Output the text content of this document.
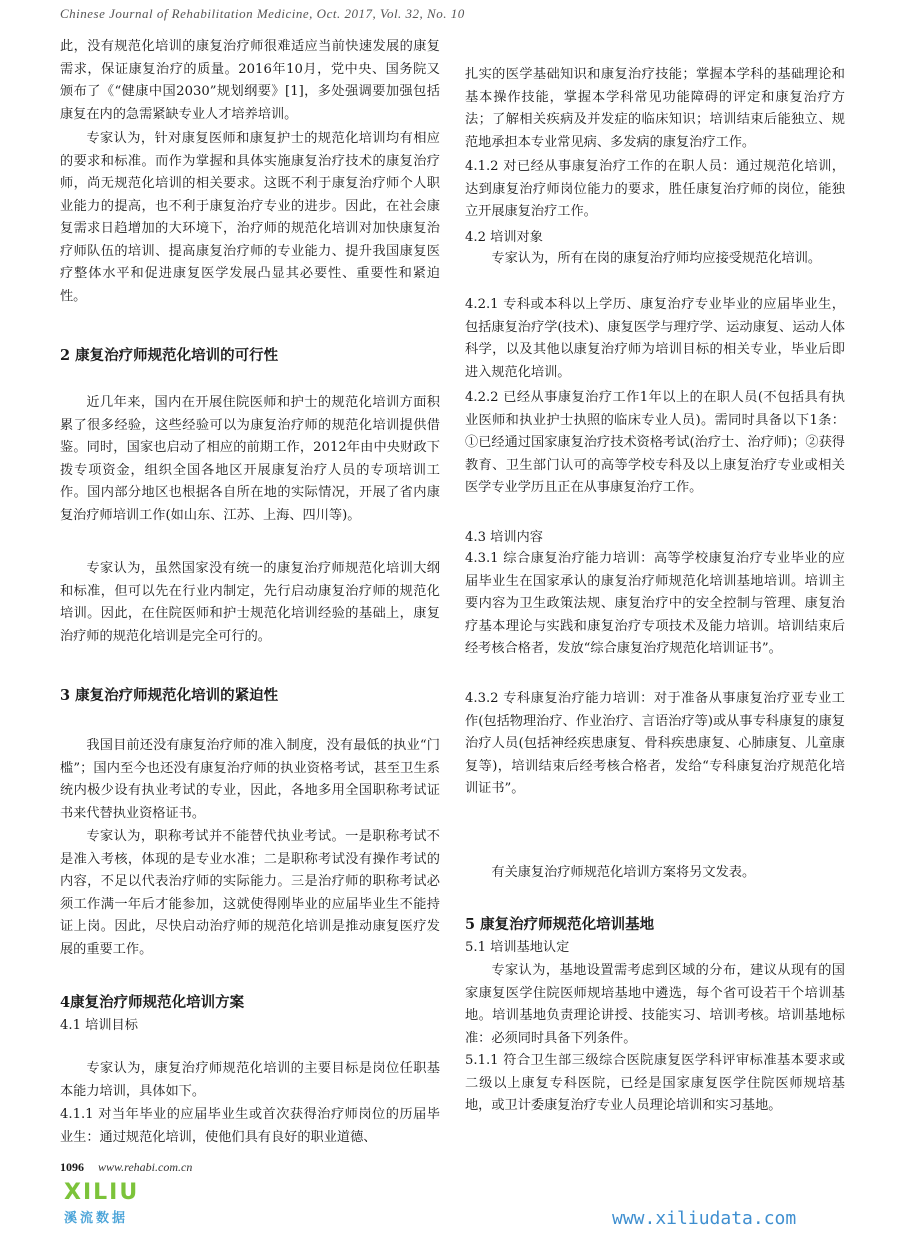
Chinese Journal of Rehabilitation Medicine, Oct. 2017, Vol. 32, No. 10

此，没有规范化培训的康复治疗师很难适应当前快速发展的康复需求，保证康复治疗的质量。2016年10月，党中央、国务院又颁布了《“健康中国2030”规划纲要》[1]，多处强调要加强包括康复在内的急需紧缺专业人才培养培训。

专家认为，针对康复医师和康复护士的规范化培训均有相应的要求和标准。而作为掌握和具体实施康复治疗技术的康复治疗师，尚无规范化培训的相关要求。这既不利于康复治疗师个人职业能力的提高，也不利于康复治疗专业的进步。因此，在社会康复需求日趋增加的大环境下，治疗师的规范化培训对加快康复治疗师队伍的培训、提高康复治疗师的专业能力、提升我国康复医疗整体水平和促进康复医学发展凸显其必要性、重要性和紧迫性。

2 康复治疗师规范化培训的可行性

近几年来，国内在开展住院医师和护士的规范化培训方面积累了很多经验，这些经验可以为康复治疗师的规范化培训提供借鉴。同时，国家也启动了相应的前期工作，2012年由中央财政下拨专项资金，组织全国各地区开展康复治疗人员的专项培训工作。国内部分地区也根据各自所在地的实际情况，开展了省内康复治疗师培训工作(如山东、江苏、上海、四川等)。

专家认为，虽然国家没有统一的康复治疗师规范化培训大纲和标准，但可以先在行业内制定，先行启动康复治疗师的规范化培训。因此，在住院医师和护士规范化培训经验的基础上，康复治疗师的规范化培训是完全可行的。

3 康复治疗师规范化培训的紧迫性

我国目前还没有康复治疗师的准入制度，没有最低的执业“门槛”；国内至今也还没有康复治疗师的执业资格考试，甚至卫生系统内极少设有执业考试的专业，因此，各地多用全国职称考试证书来代替执业资格证书。

专家认为，职称考试并不能替代执业考试。一是职称考试不是准入考核，体现的是专业水准；二是职称考试没有操作考试的内容，不足以代表治疗师的实际能力。三是治疗师的职称考试必须工作满一年后才能参加，这就使得刚毕业的应届毕业生不能持证上岗。因此，尽快启动治疗师的规范化培训是推动康复医疗发展的重要工作。

4康复治疗师规范化培训方案
4.1 培训目标

专家认为，康复治疗师规范化培训的主要目标是岗位任职基本能力培训，具体如下。

4.1.1 对当年毕业的应届毕业生或首次获得治疗师岗位的历届毕业生：通过规范化培训，使他们具有良好的职业道德、

扎实的医学基础知识和康复治疗技能；掌握本学科的基础理论和基本操作技能，掌握本学科常见功能障碍的评定和康复治疗方法；了解相关疾病及并发症的临床知识；培训结束后能独立、规范地承担本专业常见病、多发病的康复治疗工作。

4.1.2 对已经从事康复治疗工作的在职人员：通过规范化培训，达到康复治疗师岗位能力的要求，胜任康复治疗师的岗位，能独立开展康复治疗工作。

4.2 培训对象

专家认为，所有在岗的康复治疗师均应接受规范化培训。

4.2.1 专科或本科以上学历、康复治疗专业毕业的应届毕业生，包括康复治疗学(技术)、康复医学与理疗学、运动康复、运动人体科学，以及其他以康复治疗师为培训目标的相关专业，毕业后即进入规范化培训。

4.2.2 已经从事康复治疗工作1年以上的在职人员(不包括具有执业医师和执业护士执照的临床专业人员)。需同时具备以下1条：①已经通过国家康复治疗技术资格考试(治疗士、治疗师)；②获得教育、卫生部门认可的高等学校专科及以上康复治疗专业或相关医学专业学历且正在从事康复治疗工作。

4.3 培训内容

4.3.1 综合康复治疗能力培训：高等学校康复治疗专业毕业的应届毕业生在国家承认的康复治疗师规范化培训基地培训。培训主要内容为卫生政策法规、康复治疗中的安全控制与管理、康复治疗基本理论与实践和康复治疗专项技术及能力培训。培训结束后经考核合格者，发放“综合康复治疗规范化培训证书”。

4.3.2 专科康复治疗能力培训：对于准备从事康复治疗亚专业工作(包括物理治疗、作业治疗、言语治疗等)或从事专科康复的康复治疗人员(包括神经疾患康复、骨科疾患康复、心肺康复、儿童康复等)，培训结束后经考核合格者，发给“专科康复治疗规范化培训证书”。

有关康复治疗师规范化培训方案将另文发表。

5 康复治疗师规范化培训基地
5.1 培训基地认定

专家认为，基地设置需考虑到区域的分布，建议从现有的国家康复医学住院医师规培基地中遴选，每个省可设若干个培训基地。培训基地负责理论讲授、技能实习、培训考核。培训基地标准：必须同时具备下列条件。

5.1.1 符合卫生部三级综合医院康复医学科评审标准基本要求或二级以上康复专科医院，已经是国家康复医学住院医师规培基地，或卫计委康复治疗专业人员理论培训和实习基地。

1096 www.rehabi.com.cn
XILIU
溪流数据	www.xiliudata.com
